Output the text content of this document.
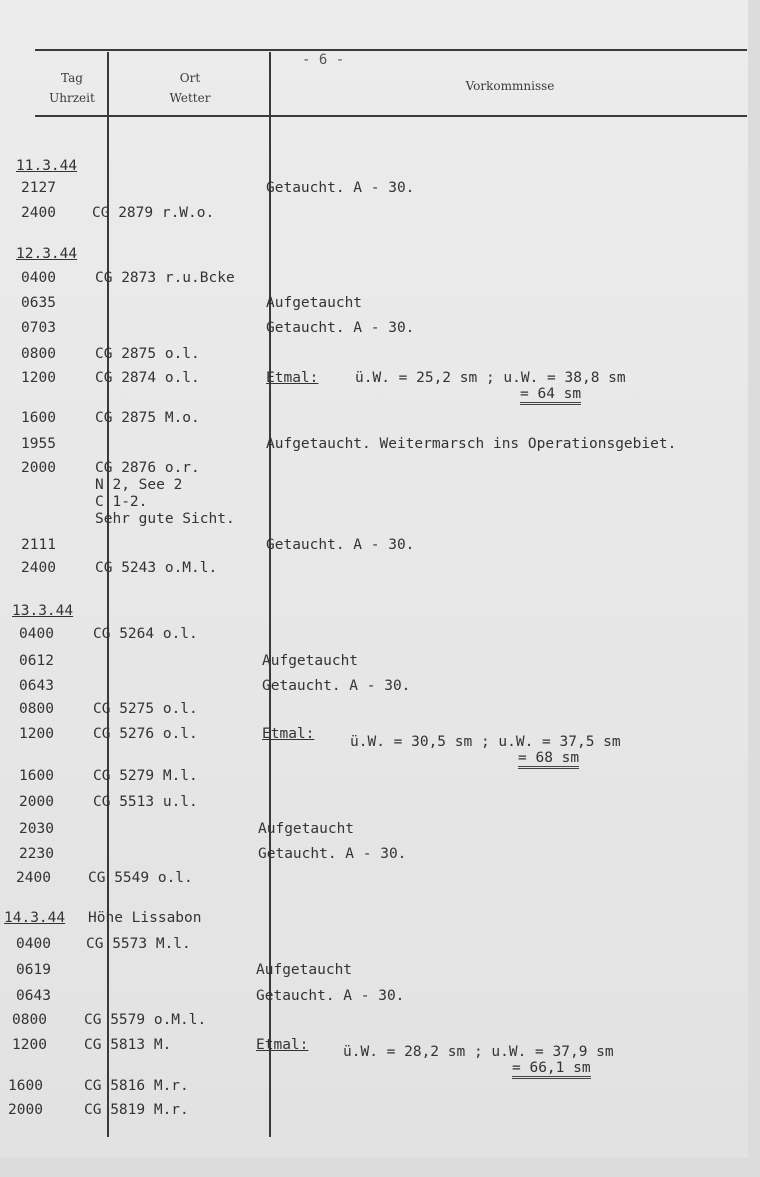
- 6 -
Tag
Uhrzeit
Ort
Wetter
Vorkommnisse
11.3.44
2127	Getaucht. A - 30.
2400 CG 2879 r.W.o.
12.3.44
0400	CG 2873 r.u.Bcke
0635	Aufgetaucht
0703	Getaucht. A - 30.
0800	CG 2875 o.l.
1200	CG 2874 o.l.	Etmal:	ü.W. = 25,2 sm ; u.W. = 38,8 sm
= 64 sm
1600	CG 2875 M.o.
1955	Aufgetaucht. Weitermarsch ins Operationsgebiet.
2000	CG 2876 o.r.
N 2, See 2
C 1-2.
Sehr gute Sicht.
2111	Getaucht. A - 30.
2400	CG 5243 o.M.l.
13.3.44
0400	CG 5264 o.l.
0612	Aufgetaucht
0643	Getaucht. A - 30.
0800	CG 5275 o.l.
1200	CG 5276 o.l.	Etmal: ü.W. = 30,5 sm ; u.W. = 37,5 sm
= 68 sm
1600	CG 5279 M.l.
2000	CG 5513 u.l.
2030	Aufgetaucht
2230	Getaucht. A - 30.
2400	CG 5549 o.l.
14.3.44 Höhe Lissabon
0400 CG 5573 M.l.
0619	Aufgetaucht
0643	Getaucht. A - 30.
0800	CG 5579 o.M.l.
1200	CG 5813 M.	Etmal: ü.W. = 28,2 sm ; u.W. = 37,9 sm
= 66,1 sm
1600	CG 5816 M.r.
2000	CG 5819 M.r.
